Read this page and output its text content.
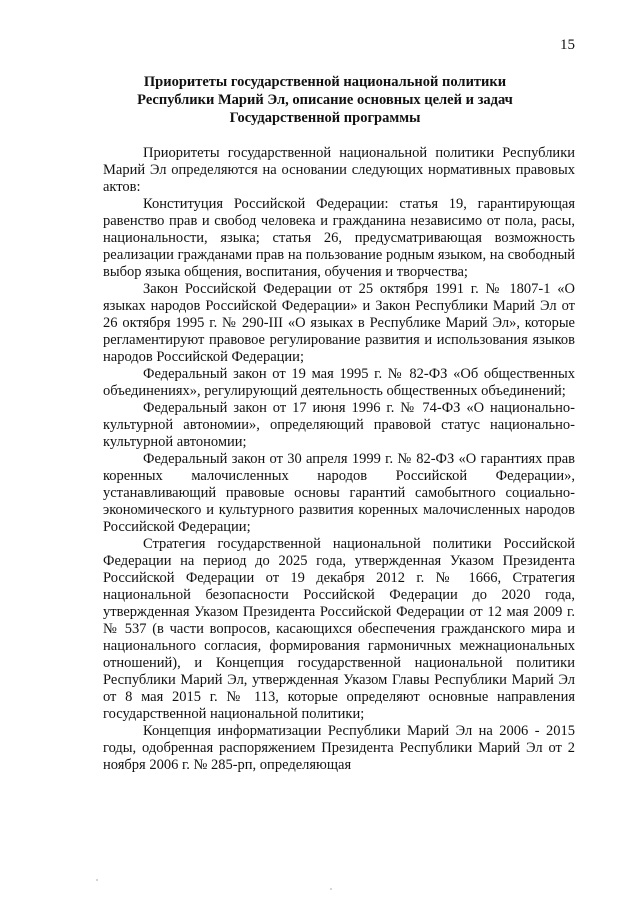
15
Приоритеты государственной национальной политики
Республики Марий Эл, описание основных целей и задач
Государственной программы

Приоритеты государственной национальной политики Республики Марий Эл определяются на основании следующих нормативных правовых актов:

Конституция Российской Федерации: статья 19, гарантирующая равенство прав и свобод человека и гражданина независимо от пола, расы, национальности, языка; статья 26, предусматривающая возможность реализации гражданами прав на пользование родным языком, на свободный выбор языка общения, воспитания, обучения и творчества;

Закон Российской Федерации от 25 октября 1991 г. № 1807-1 «О языках народов Российской Федерации» и Закон Республики Марий Эл от 26 октября 1995 г. № 290-III «О языках в Республике Марий Эл», которые регламентируют правовое регулирование развития и использования языков народов Российской Федерации;

Федеральный закон от 19 мая 1995 г. № 82-ФЗ «Об общественных объединениях», регулирующий деятельность общественных объединений;

Федеральный закон от 17 июня 1996 г. № 74-ФЗ «О национально-культурной автономии», определяющий правовой статус национально-культурной автономии;

Федеральный закон от 30 апреля 1999 г. № 82-ФЗ «О гарантиях прав коренных малочисленных народов Российской Федерации», устанавливающий правовые основы гарантий самобытного социально-экономического и культурного развития коренных малочисленных народов Российской Федерации;

Стратегия государственной национальной политики Российской Федерации на период до 2025 года, утвержденная Указом Президента Российской Федерации от 19 декабря 2012 г. № 1666, Стратегия национальной безопасности Российской Федерации до 2020 года, утвержденная Указом Президента Российской Федерации от 12 мая 2009 г. № 537 (в части вопросов, касающихся обеспечения гражданского мира и национального согласия, формирования гармоничных межнациональных отношений), и Концепция государственной национальной политики Республики Марий Эл, утвержденная Указом Главы Республики Марий Эл от 8 мая 2015 г. № 113, которые определяют основные направления государственной национальной политики;

Концепция информатизации Республики Марий Эл на 2006 - 2015 годы, одобренная распоряжением Президента Республики Марий Эл от 2 ноября 2006 г. № 285-рп, определяющая
